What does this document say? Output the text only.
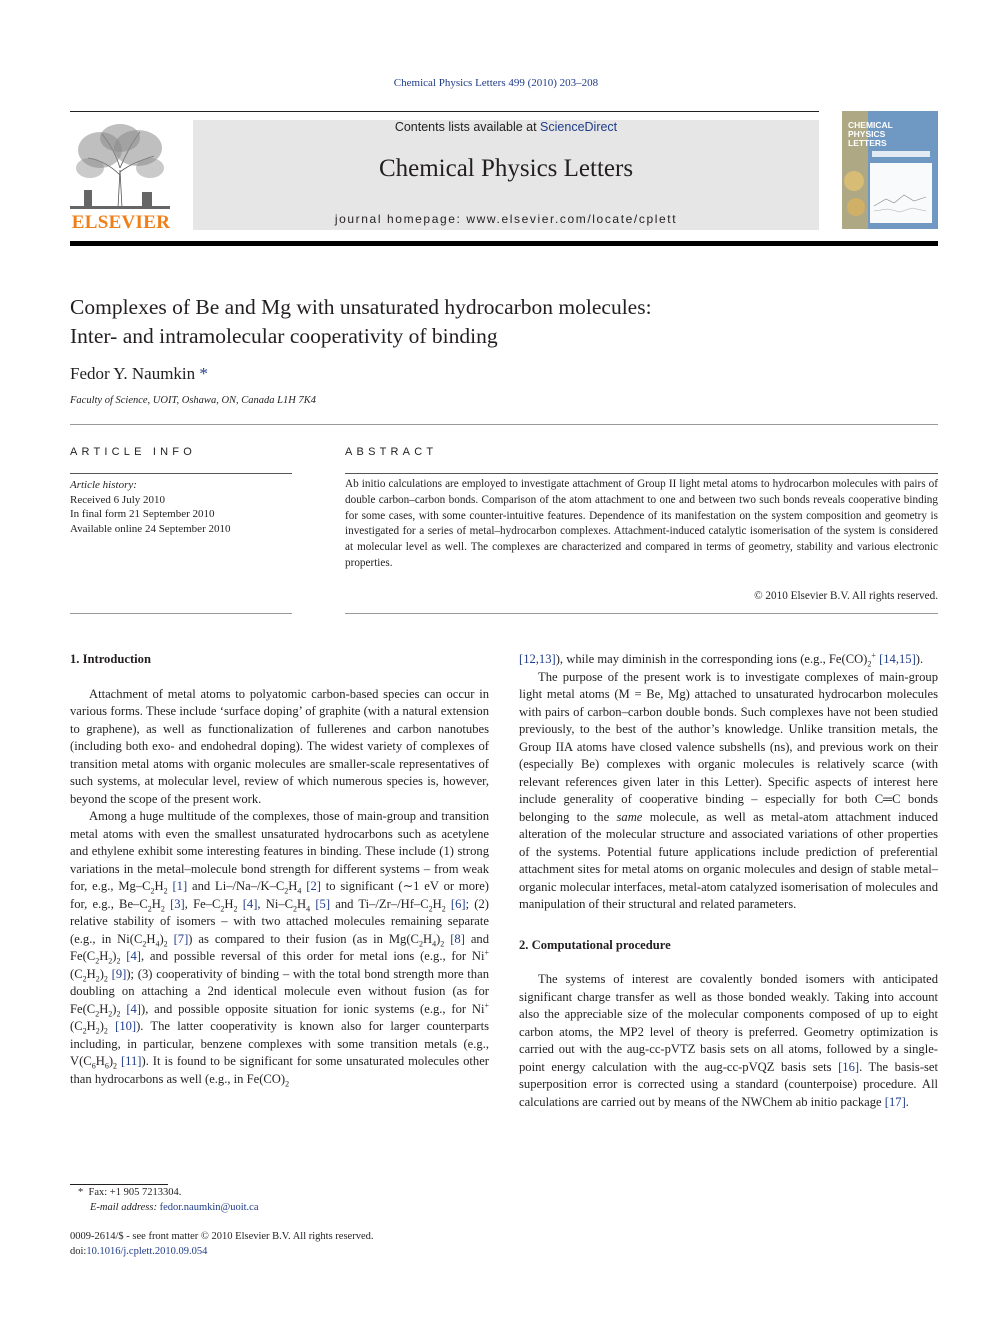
Chemical Physics Letters 499 (2010) 203–208
ELSEVIER
Contents lists available at ScienceDirect
Chemical Physics Letters
journal homepage: www.elsevier.com/locate/cplett
CHEMICAL
PHYSICS
LETTERS
Complexes of Be and Mg with unsaturated hydrocarbon molecules:
Inter- and intramolecular cooperativity of binding
Fedor Y. Naumkin *
Faculty of Science, UOIT, Oshawa, ON, Canada L1H 7K4
ARTICLE INFO	ABSTRACT
Article history:
Received 6 July 2010
In final form 21 September 2010
Available online 24 September 2010
Ab initio calculations are employed to investigate attachment of Group II light metal atoms to hydrocarbon molecules with pairs of double carbon–carbon bonds. Comparison of the atom attachment to one and between two such bonds reveals cooperative binding for some cases, with some counter-intuitive features. Dependence of its manifestation on the system composition and geometry is investigated for a series of metal–hydrocarbon complexes. Attachment-induced catalytic isomerisation of the system is considered at molecular level as well. The complexes are characterized and compared in terms of geometry, stability and various electronic properties.
© 2010 Elsevier B.V. All rights reserved.
1. Introduction

Attachment of metal atoms to polyatomic carbon-based species can occur in various forms. These include ‘surface doping’ of graphite (with a natural extension to graphene), as well as functionalization of fullerenes and carbon nanotubes (including both exo- and endohedral doping). The widest variety of complexes of transition metal atoms with organic molecules are smaller-scale representatives of such systems, at molecular level, review of which numerous species is, however, beyond the scope of the present work.

Among a huge multitude of the complexes, those of main-group and transition metal atoms with even the smallest unsaturated hydrocarbons such as acetylene and ethylene exhibit some interesting features in binding. These include (1) strong variations in the metal–molecule bond strength for different systems – from weak for, e.g., $Mg-C_2H_2$ [1] and $Li-/Na-/K-C_2H_4$ [2] to significant (∼1 eV or more) for, e.g., $Be-C_2H_2$ [3], $Fe-C_2H_2$ [4], $Ni-C_2H_4$ [5] and $Ti-/Zr-/Hf-C_2H_2$ [6]; (2) relative stability of isomers – with two attached molecules remaining separate (e.g., in $Ni(C_2H_4)_2$ [7]) as compared to their fusion (as in $Mg(C_2H_4)_2$ [8] and $Fe(C_2H_2)_2$ [4], and possible reversal of this order for metal ions (e.g., for $Ni^+(C_2H_2)_2$ [9]); (3) cooperativity of binding – with the total bond strength more than doubling on attaching a 2nd identical molecule even without fusion (as for $Fe(C_2H_2)_2$ [4]), and possible opposite situation for ionic systems (e.g., for $Ni^+(C_2H_2)_2$ [10]). The latter cooperativity is known also for larger counterparts including, in particular, benzene complexes with some transition metals (e.g., $V(C_6H_6)_2$ [11]). It is found to be significant for some unsaturated molecules other than hydrocarbons as well (e.g., in $Fe(CO)_2$

[12,13]), while may diminish in the corresponding ions (e.g., $Fe(CO)_2^+$ [14,15]).

The purpose of the present work is to investigate complexes of main-group light metal atoms (M = Be, Mg) attached to unsaturated hydrocarbon molecules with pairs of carbon–carbon double bonds. Such complexes have not been studied previously, to the best of the author’s knowledge. Unlike transition metals, the Group IIA atoms have closed valence subshells (ns), and previous work on their (especially Be) complexes with organic molecules is relatively scarce (with relevant references given later in this Letter). Specific aspects of interest here include generality of cooperative binding – especially for both C═C bonds belonging to the same molecule, as well as metal-atom attachment induced alteration of the molecular structure and associated variations of other properties of the systems. Potential future applications include prediction of preferential attachment sites for metal atoms on organic molecules and design of stable metal–organic molecular interfaces, metal-atom catalyzed isomerisation of molecules and manipulation of their structural and related parameters.

2. Computational procedure

The systems of interest are covalently bonded isomers with anticipated significant charge transfer as well as those bonded weakly. Taking into account also the appreciable size of the molecular components composed of up to eight carbon atoms, the MP2 level of theory is preferred. Geometry optimization is carried out with the aug-cc-pVTZ basis sets on all atoms, followed by a single-point energy calculation with the aug-cc-pVQZ basis sets [16]. The basis-set superposition error is corrected using a standard (counterpoise) procedure. All calculations are carried out by means of the NWChem ab initio package [17].

*  Fax: +1 905 7213304.
E-mail address: fedor.naumkin@uoit.ca
0009-2614/$ - see front matter © 2010 Elsevier B.V. All rights reserved.
doi:10.1016/j.cplett.2010.09.054
